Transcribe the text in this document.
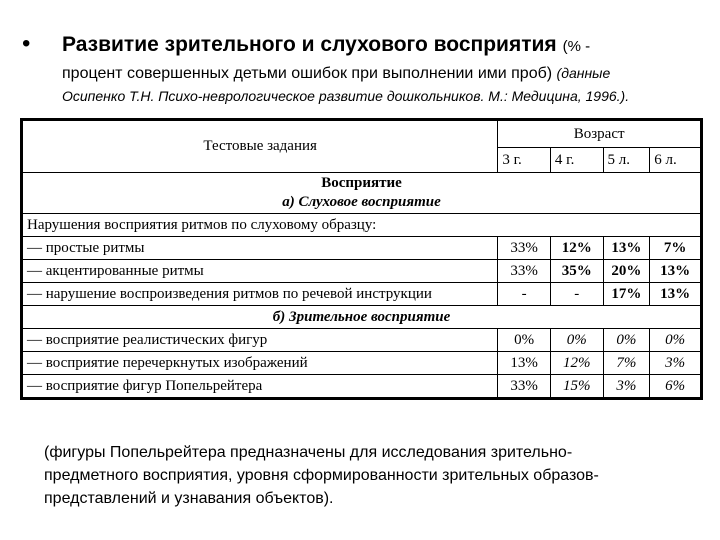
•	Развитие зрительного и слухового восприятия (% -
процент совершенных детьми ошибок при выполнении ими проб) (данные
Осипенко Т.Н. Психо-неврологическое развитие дошкольников. М.: Медицина, 1996.).
Тестовые задания	Возраст			
	3 г.	4 г.	5 л.	6 л.

Восприятие
а) Слуховое восприятие				

Нарушения восприятия ритмов по слуховому образцу:				
— простые ритмы	33%	12%	13%	7%
— акцентированные ритмы	33%	35%	20%	13%
— нарушение воспроизведения ритмов по речевой инструкции	-	-	17%	13%
б) Зрительное восприятие				
— восприятие реалистических фигур	0%	0%	0%	0%
— восприятие перечеркнутых изображений	13%	12%	7%	3%
— восприятие фигур Попельрейтера	33%	15%	3%	6%
(фигуры Попельрейтера предназначены для исследования зрительно-
предметного восприятия, уровня сформированности зрительных образов-
представлений и узнавания объектов).
